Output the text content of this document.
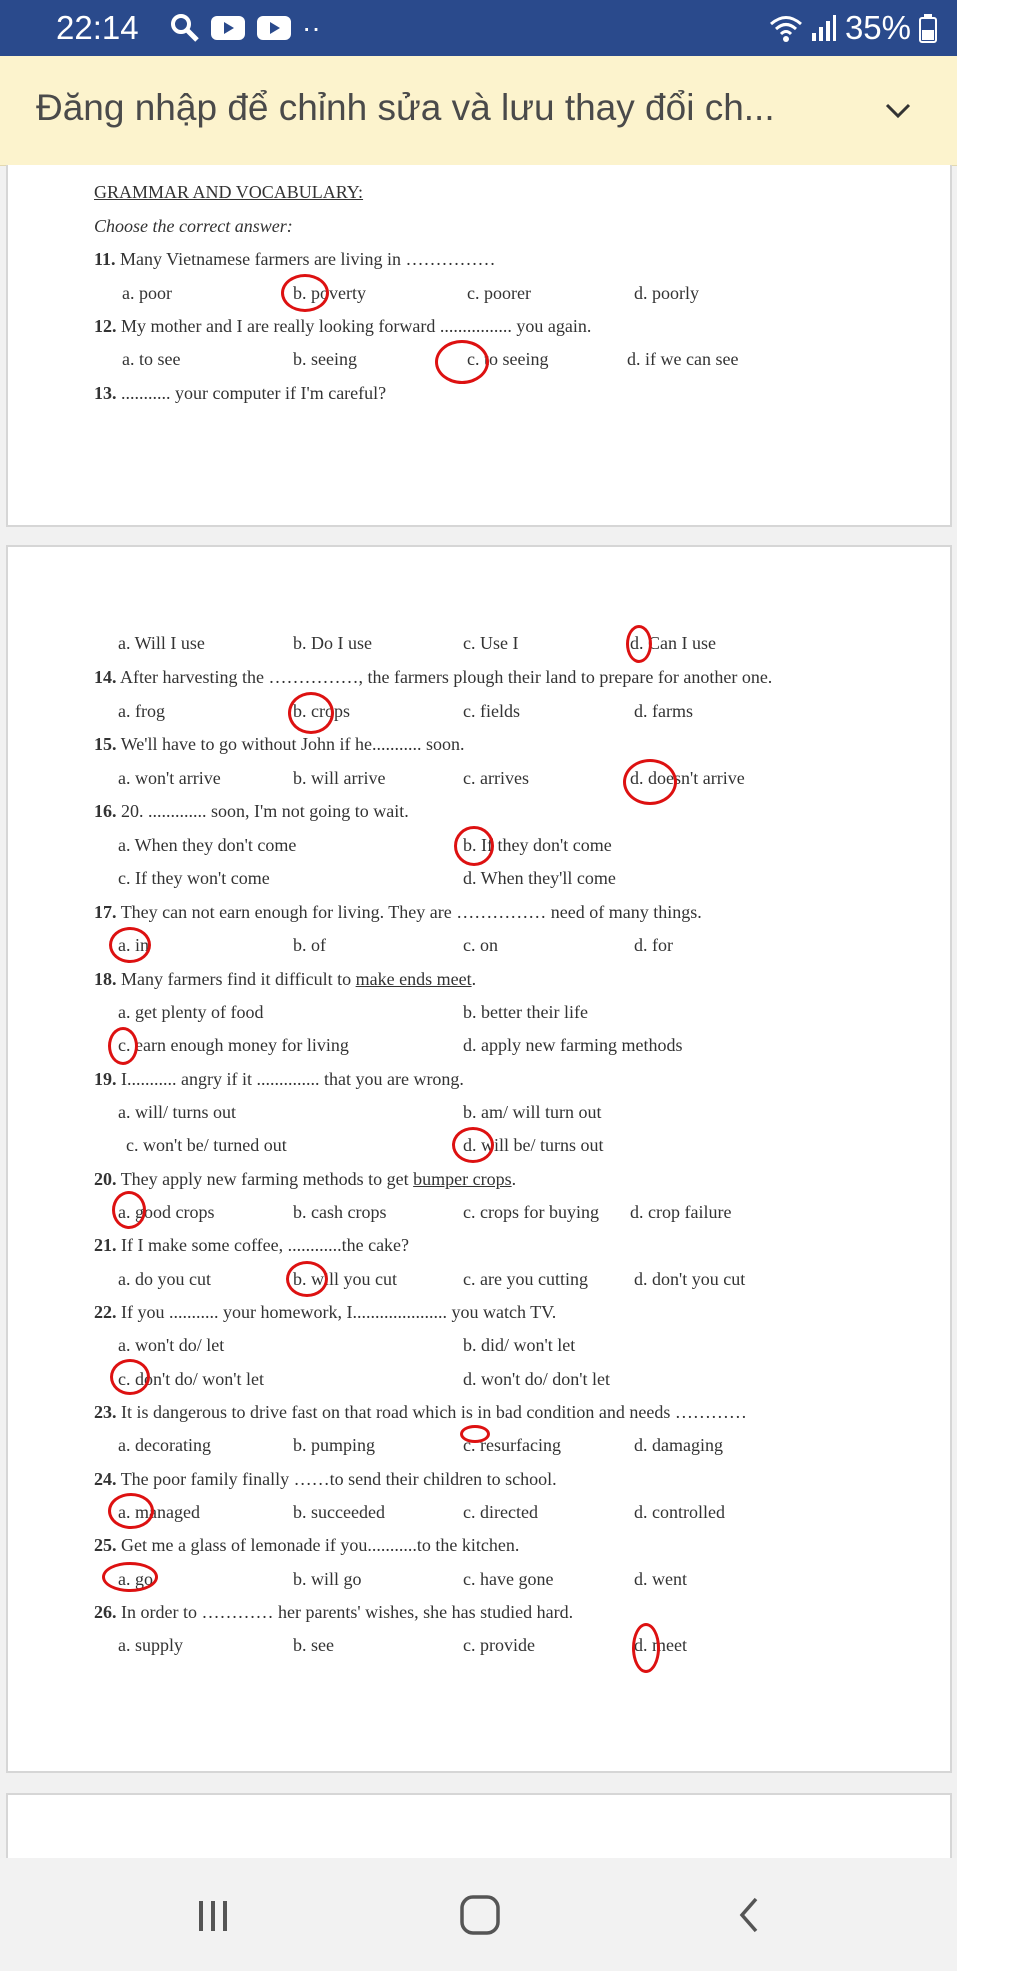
22:14	··	35%
Đăng nhập để chỉnh sửa và lưu thay đổi ch...
GRAMMAR AND VOCABULARY:
Choose the correct answer:
11. Many Vietnamese farmers are living in ……………
a. poor	b. poverty	c. poorer	d. poorly
12. My mother and I are really looking forward ................ you again.
a. to see	b. seeing	c. to seeing	d. if we can see
13. ........... your computer if I'm careful?
a. Will I use	b. Do I use	c. Use I	d. Can I use
14. After harvesting the ……………, the farmers plough their land to prepare for another one.
a. frog	b. crops	c. fields	d. farms
15. We'll have to go without John if he........... soon.
a. won't arrive	b. will arrive	c. arrives	d. doesn't arrive
16. 20. ............. soon, I'm not going to wait.
a. When they don't come	b. If they don't come
c. If they won't come	d. When they'll come
17. They can not earn enough for living. They are …………… need of many things.
a. in	b. of	c. on	d. for
18. Many farmers find it difficult to make ends meet.
a. get plenty of food	b. better their life
c. earn enough money for living	d. apply new farming methods
19. I........... angry if it .............. that you are wrong.
a. will/ turns out	b. am/ will turn out
c. won't be/ turned out	d. will be/ turns out
20. They apply new farming methods to get bumper crops.
a. good crops	b. cash crops	c. crops for buying d. crop failure
21. If I make some coffee, ............the cake?
a. do you cut	b. will you cut	c. are you cutting	d. don't you cut
22. If you ........... your homework, I..................... you watch TV.
a. won't do/ let	b. did/ won't let
c. don't do/ won't let	d. won't do/ don't let
23. It is dangerous to drive fast on that road which is in bad condition and needs …………
a. decorating	b. pumping	c. resurfacing	d. damaging
24. The poor family finally ……to send their children to school.
a. managed	b. succeeded	c. directed	d. controlled
25. Get me a glass of lemonade if you...........to the kitchen.
a. go	b. will go	c. have gone	d. went
26. In order to ………… her parents' wishes, she has studied hard.
a. supply	b. see	c. provide	d. meet
